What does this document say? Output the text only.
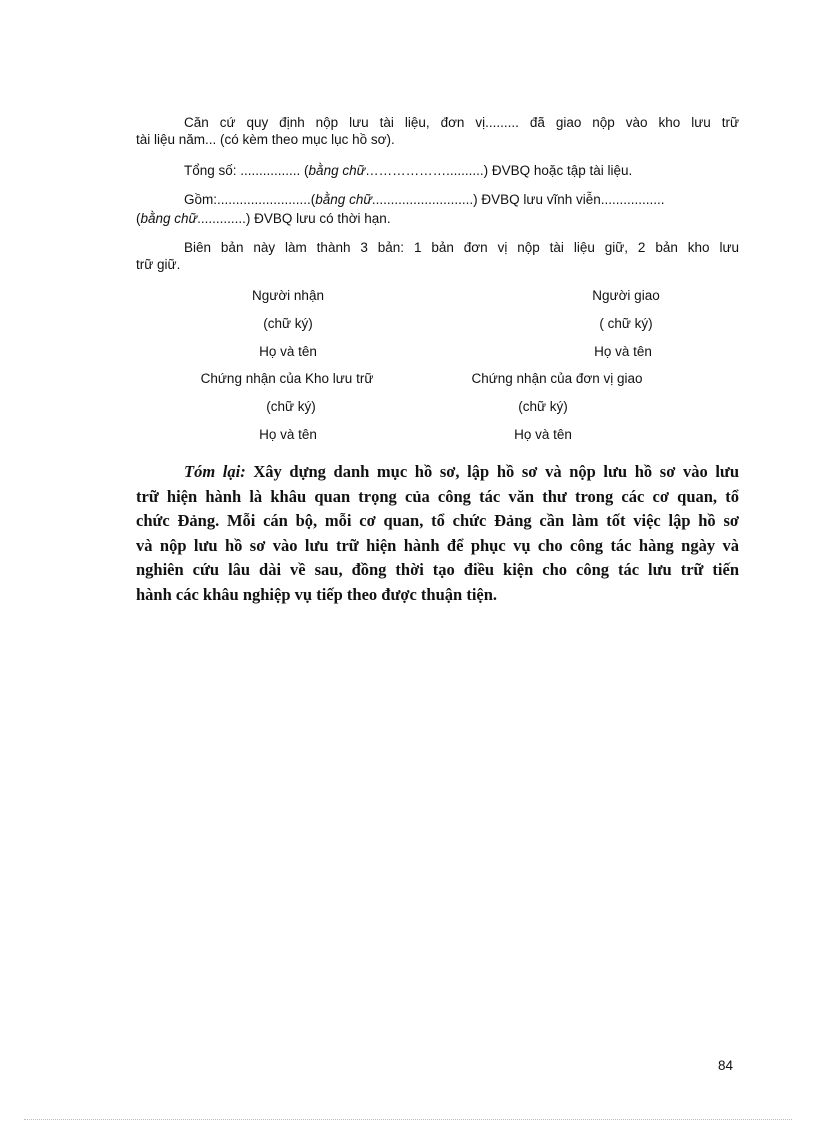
Căn cứ quy định nộp lưu tài liệu, đơn vị......... đã giao nộp vào kho lưu trữ
tài liệu năm... (có kèm theo mục lục hồ sơ).
Tổng số: ................ (bằng chữ………………..........) ĐVBQ hoặc tập tài liệu.
Gồm:.........................(bằng chữ...........................) ĐVBQ lưu vĩnh viễn.................
(bằng chữ.............) ĐVBQ lưu có thời hạn.
Biên bản này làm thành 3 bản: 1 bản đơn vị nộp tài liệu giữ, 2 bản kho lưu
trữ giữ.
Người nhận
(chữ ký)
Họ và tên
Người giao
( chữ ký)
Họ và tên
Chứng nhận của Kho lưu trữ
(chữ ký)
Họ và tên
Chứng nhận của đơn vị giao
(chữ ký)
Họ và tên
Tóm lại: Xây dựng danh mục hồ sơ, lập hồ sơ và nộp lưu hồ sơ vào lưu
trữ hiện hành là khâu quan trọng của công tác văn thư trong các cơ quan, tổ
chức Đảng. Mỗi cán bộ, mỗi cơ quan, tổ chức Đảng cần làm tốt việc lập hồ sơ
và nộp lưu hồ sơ vào lưu trữ hiện hành để phục vụ cho công tác hàng ngày và
nghiên cứu lâu dài về sau, đồng thời tạo điều kiện cho công tác lưu trữ tiến
hành các khâu nghiệp vụ tiếp theo được thuận tiện.
84
